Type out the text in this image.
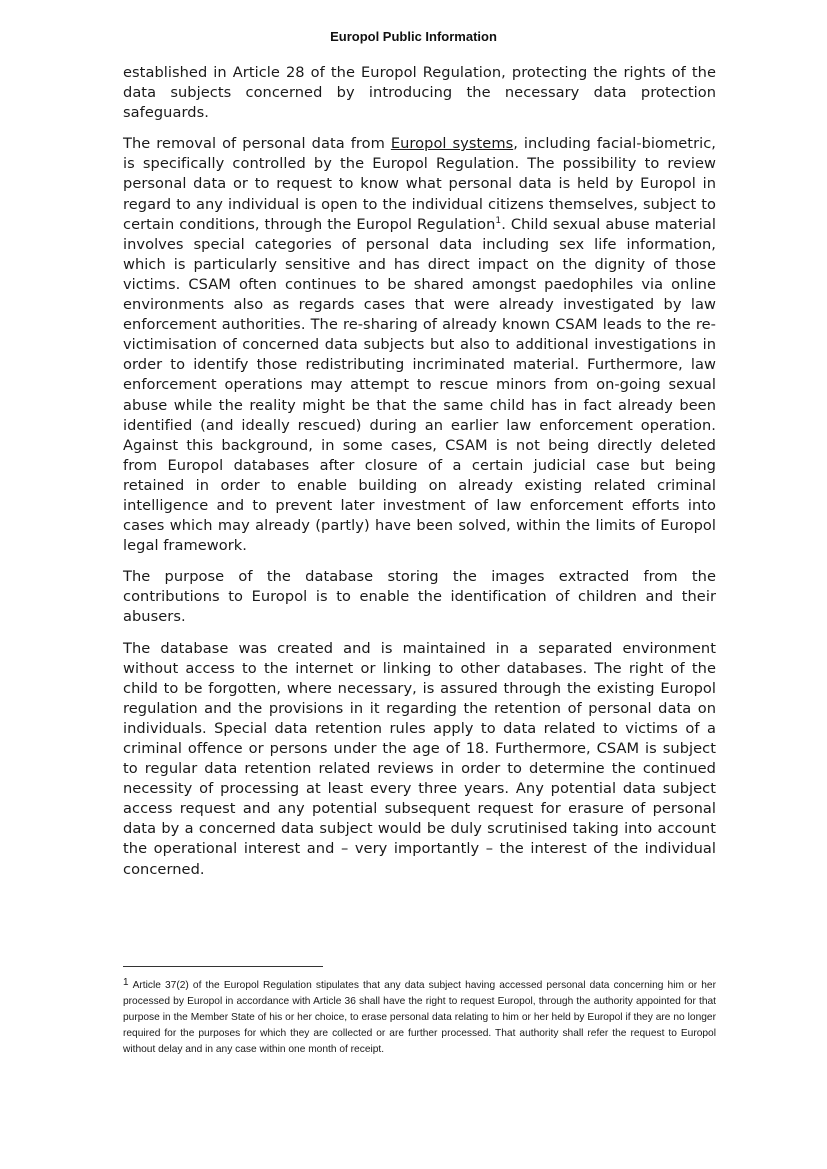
Europol Public Information

established in Article 28 of the Europol Regulation, protecting the rights of the data subjects concerned by introducing the necessary data protection safeguards.

The removal of personal data from Europol systems, including facial-biometric, is specifically controlled by the Europol Regulation. The possibility to review personal data or to request to know what personal data is held by Europol in regard to any individual is open to the individual citizens themselves, subject to certain conditions, through the Europol Regulation$^1$. Child sexual abuse material involves special categories of personal data including sex life information, which is particularly sensitive and has direct impact on the dignity of those victims. CSAM often continues to be shared amongst paedophiles via online environments also as regards cases that were already investigated by law enforcement authorities. The re-sharing of already known CSAM leads to the re-victimisation of concerned data subjects but also to additional investigations in order to identify those redistributing incriminated material. Furthermore, law enforcement operations may attempt to rescue minors from on-going sexual abuse while the reality might be that the same child has in fact already been identified (and ideally rescued) during an earlier law enforcement operation. Against this background, in some cases, CSAM is not being directly deleted from Europol databases after closure of a certain judicial case but being retained in order to enable building on already existing related criminal intelligence and to prevent later investment of law enforcement efforts into cases which may already (partly) have been solved, within the limits of Europol legal framework.

The purpose of the database storing the images extracted from the contributions to Europol is to enable the identification of children and their abusers.

The database was created and is maintained in a separated environment without access to the internet or linking to other databases. The right of the child to be forgotten, where necessary, is assured through the existing Europol regulation and the provisions in it regarding the retention of personal data on individuals. Special data retention rules apply to data related to victims of a criminal offence or persons under the age of 18. Furthermore, CSAM is subject to regular data retention related reviews in order to determine the continued necessity of processing at least every three years. Any potential data subject access request and any potential subsequent request for erasure of personal data by a concerned data subject would be duly scrutinised taking into account the operational interest and – very importantly – the interest of the individual concerned.

1 Article 37(2) of the Europol Regulation stipulates that any data subject having accessed personal data concerning him or her processed by Europol in accordance with Article 36 shall have the right to request Europol, through the authority appointed for that purpose in the Member State of his or her choice, to erase personal data relating to him or her held by Europol if they are no longer required for the purposes for which they are collected or are further processed. That authority shall refer the request to Europol without delay and in any case within one month of receipt.
